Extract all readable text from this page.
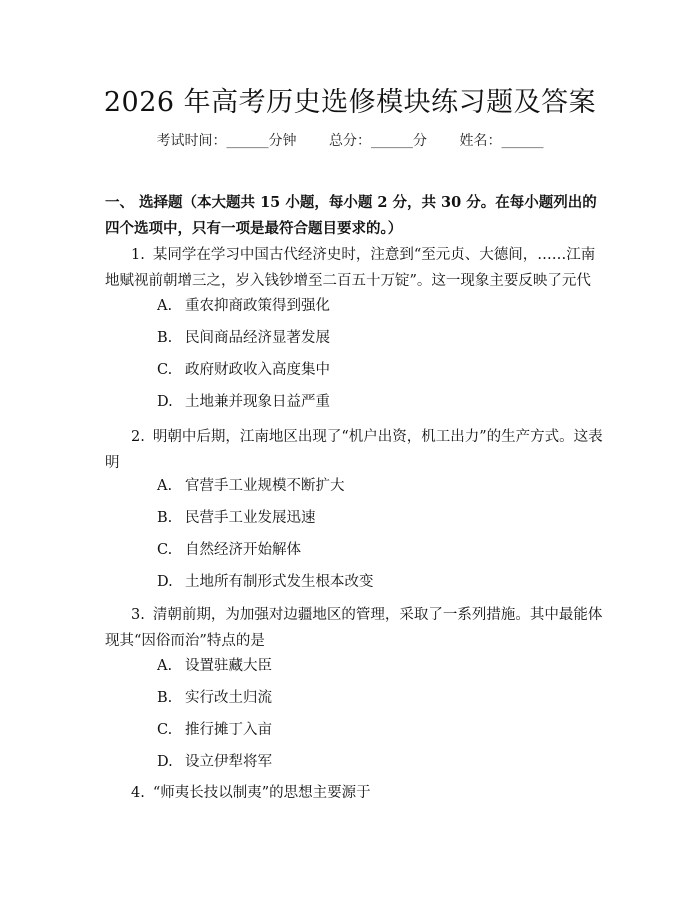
2026 年高考历史选修模块练习题及答案
考试时间：______分钟 总分：______分 姓名：______
一、 选择题（本大题共 15 小题，每小题 2 分，共 30 分。在每小题列出的四个选项中，只有一项是最符合题目要求的。）
1. 某同学在学习中国古代经济史时，注意到“至元贞、大德间，……江南地赋视前朝增三之，岁入钱钞增至二百五十万锭”。这一现象主要反映了元代
A. 重农抑商政策得到强化
B. 民间商品经济显著发展
C. 政府财政收入高度集中
D. 土地兼并现象日益严重
2. 明朝中后期，江南地区出现了“机户出资，机工出力”的生产方式。这表明
A. 官营手工业规模不断扩大
B. 民营手工业发展迅速
C. 自然经济开始解体
D. 土地所有制形式发生根本改变
3. 清朝前期，为加强对边疆地区的管理，采取了一系列措施。其中最能体现其“因俗而治”特点的是
A. 设置驻藏大臣
B. 实行改土归流
C. 推行摊丁入亩
D. 设立伊犁将军
4. “师夷长技以制夷”的思想主要源于
